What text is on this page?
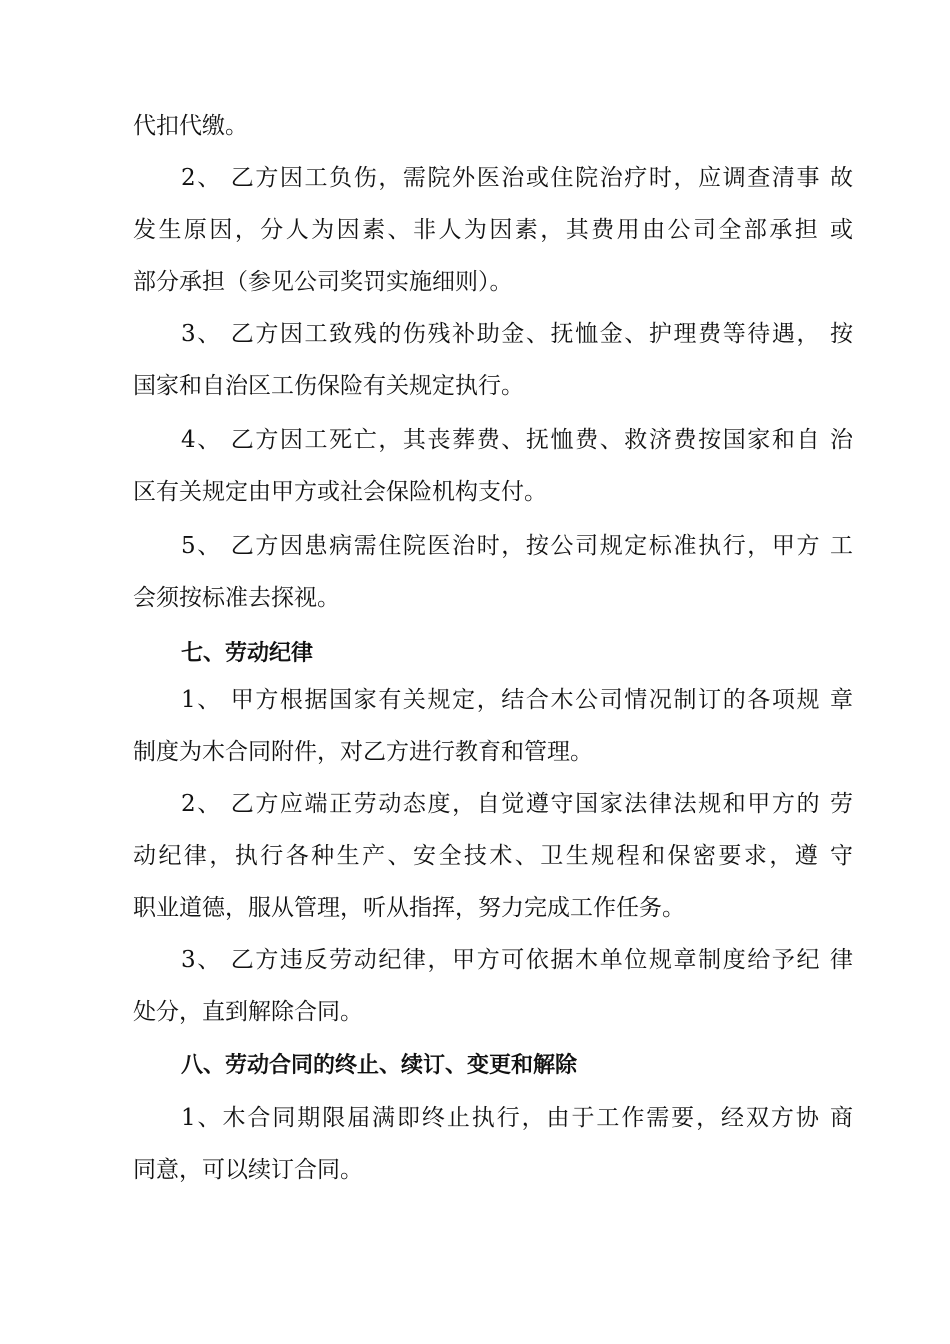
代扣代缴。
2、 乙方因工负伤，需院外医治或住院治疗时，应调查清事 故
发生原因，分人为因素、非人为因素，其费用由公司全部承担 或
部分承担（参见公司奖罚实施细则）。
3、 乙方因工致残的伤残补助金、抚恤金、护理费等待遇， 按
国家和自治区工伤保险有关规定执行。
4、 乙方因工死亡，其丧葬费、抚恤费、救济费按国家和自 治
区有关规定由甲方或社会保险机构支付。
5、 乙方因患病需住院医治时，按公司规定标准执行，甲方 工
会须按标准去探视。
七、劳动纪律
1、 甲方根据国家有关规定，结合木公司情况制订的各项规 章
制度为木合同附件，对乙方进行教育和管理。
2、 乙方应端正劳动态度，自觉遵守国家法律法规和甲方的 劳
动纪律，执行各种生产、安全技术、卫生规程和保密要求，遵 守
职业道德，服从管理，听从指挥，努力完成工作任务。
3、 乙方违反劳动纪律，甲方可依据木单位规章制度给予纪 律
处分，直到解除合同。
八、劳动合同的终止、续订、变更和解除
1、木合同期限届满即终止执行，由于工作需要，经双方协 商
同意，可以续订合同。
